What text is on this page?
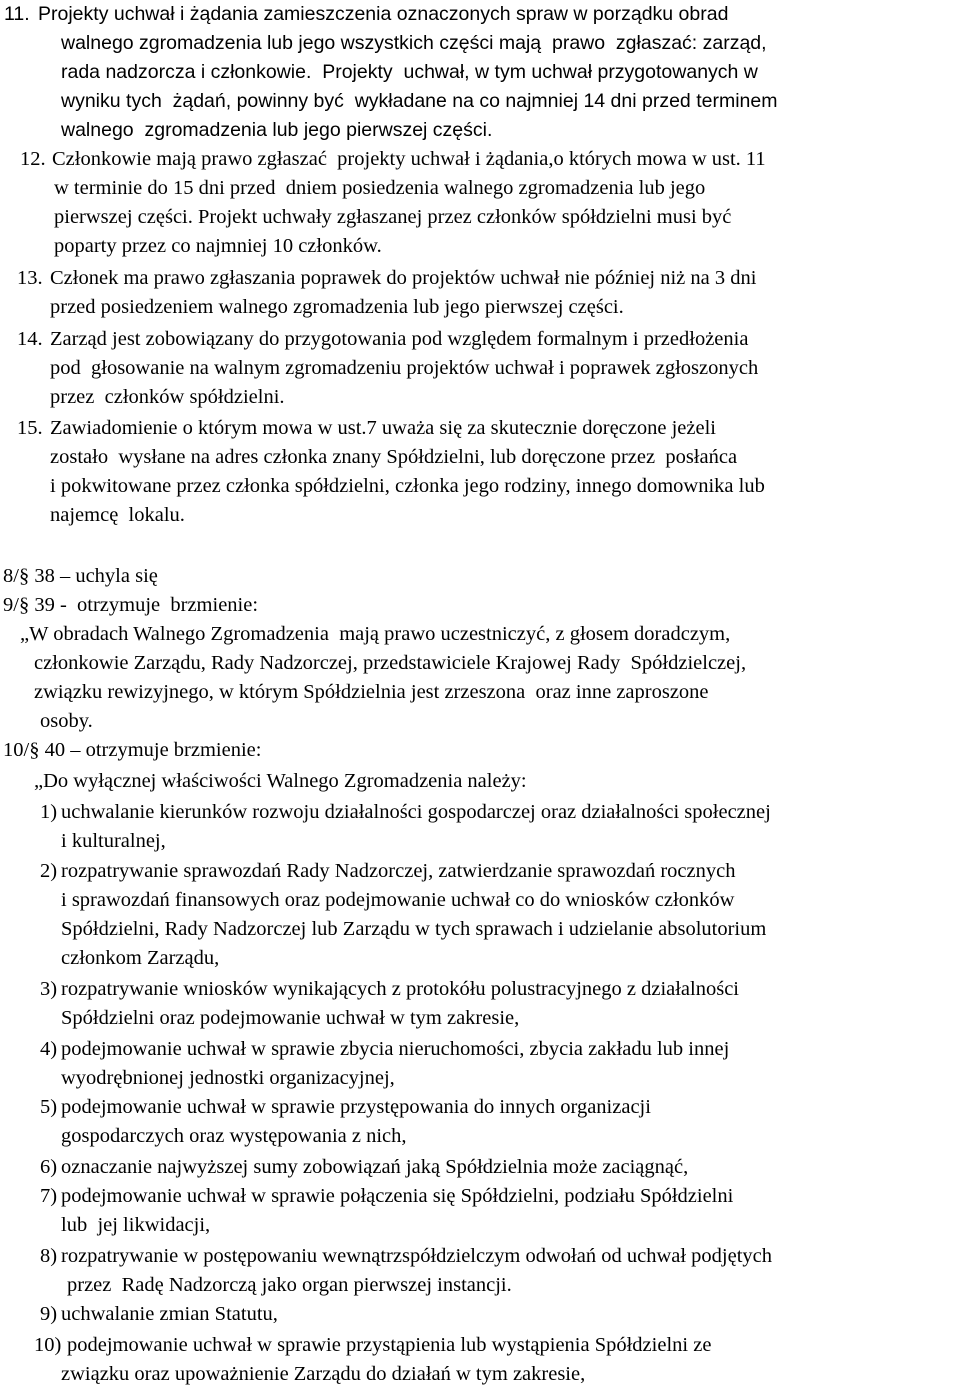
11. Projekty uchwał i żądania zamieszczenia oznaczonych spraw w porządku obrad
walnego zgromadzenia lub jego wszystkich części mają  prawo  zgłaszać: zarząd,
rada nadzorcza i członkowie.  Projekty  uchwał, w tym uchwał przygotowanych w
wyniku tych  żądań, powinny być  wykładane na co najmniej 14 dni przed terminem
walnego  zgromadzenia lub jego pierwszej części.
12. Członkowie mają prawo zgłaszać  projekty uchwał i żądania,o których mowa w ust. 11
w terminie do 15 dni przed  dniem posiedzenia walnego zgromadzenia lub jego
pierwszej części. Projekt uchwały zgłaszanej przez członków spółdzielni musi być
poparty przez co najmniej 10 członków.
13. Członek ma prawo zgłaszania poprawek do projektów uchwał nie później niż na 3 dni
przed posiedzeniem walnego zgromadzenia lub jego pierwszej części.
14. Zarząd jest zobowiązany do przygotowania pod względem formalnym i przedłożenia
pod  głosowanie na walnym zgromadzeniu projektów uchwał i poprawek zgłoszonych
przez  członków spółdzielni.
15. Zawiadomienie o którym mowa w ust.7 uważa się za skutecznie doręczone jeżeli
zostało  wysłane na adres członka znany Spółdzielni, lub doręczone przez  posłańca
i pokwitowane przez członka spółdzielni, członka jego rodziny, innego domownika lub
najemcę  lokalu.
8/§ 38 – uchyla się
9/§ 39 -  otrzymuje  brzmienie:
„W obradach Walnego Zgromadzenia  mają prawo uczestniczyć, z głosem doradczym,
członkowie Zarządu, Rady Nadzorczej, przedstawiciele Krajowej Rady  Spółdzielczej,
związku rewizyjnego, w którym Spółdzielnia jest zrzeszona  oraz inne zaproszone
osoby.
10/§ 40 – otrzymuje brzmienie:
„Do wyłącznej właściwości Walnego Zgromadzenia należy:
1) uchwalanie kierunków rozwoju działalności gospodarczej oraz działalności społecznej
i kulturalnej,
2) rozpatrywanie sprawozdań Rady Nadzorczej, zatwierdzanie sprawozdań rocznych
i sprawozdań finansowych oraz podejmowanie uchwał co do wniosków członków
Spółdzielni, Rady Nadzorczej lub Zarządu w tych sprawach i udzielanie absolutorium
członkom Zarządu,
3) rozpatrywanie wniosków wynikających z protokółu polustracyjnego z działalności
Spółdzielni oraz podejmowanie uchwał w tym zakresie,
4) podejmowanie uchwał w sprawie zbycia nieruchomości, zbycia zakładu lub innej
wyodrębnionej jednostki organizacyjnej,
5) podejmowanie uchwał w sprawie przystępowania do innych organizacji
gospodarczych oraz występowania z nich,
6) oznaczanie najwyższej sumy zobowiązań jaką Spółdzielnia może zaciągnąć,
7) podejmowanie uchwał w sprawie połączenia się Spółdzielni, podziału Spółdzielni
lub  jej likwidacji,
8) rozpatrywanie w postępowaniu wewnątrzspółdzielczym odwołań od uchwał podjętych
przez  Radę Nadzorczą jako organ pierwszej instancji.
9) uchwalanie zmian Statutu,
10) podejmowanie uchwał w sprawie przystąpienia lub wystąpienia Spółdzielni ze
związku oraz upoważnienie Zarządu do działań w tym zakresie,
